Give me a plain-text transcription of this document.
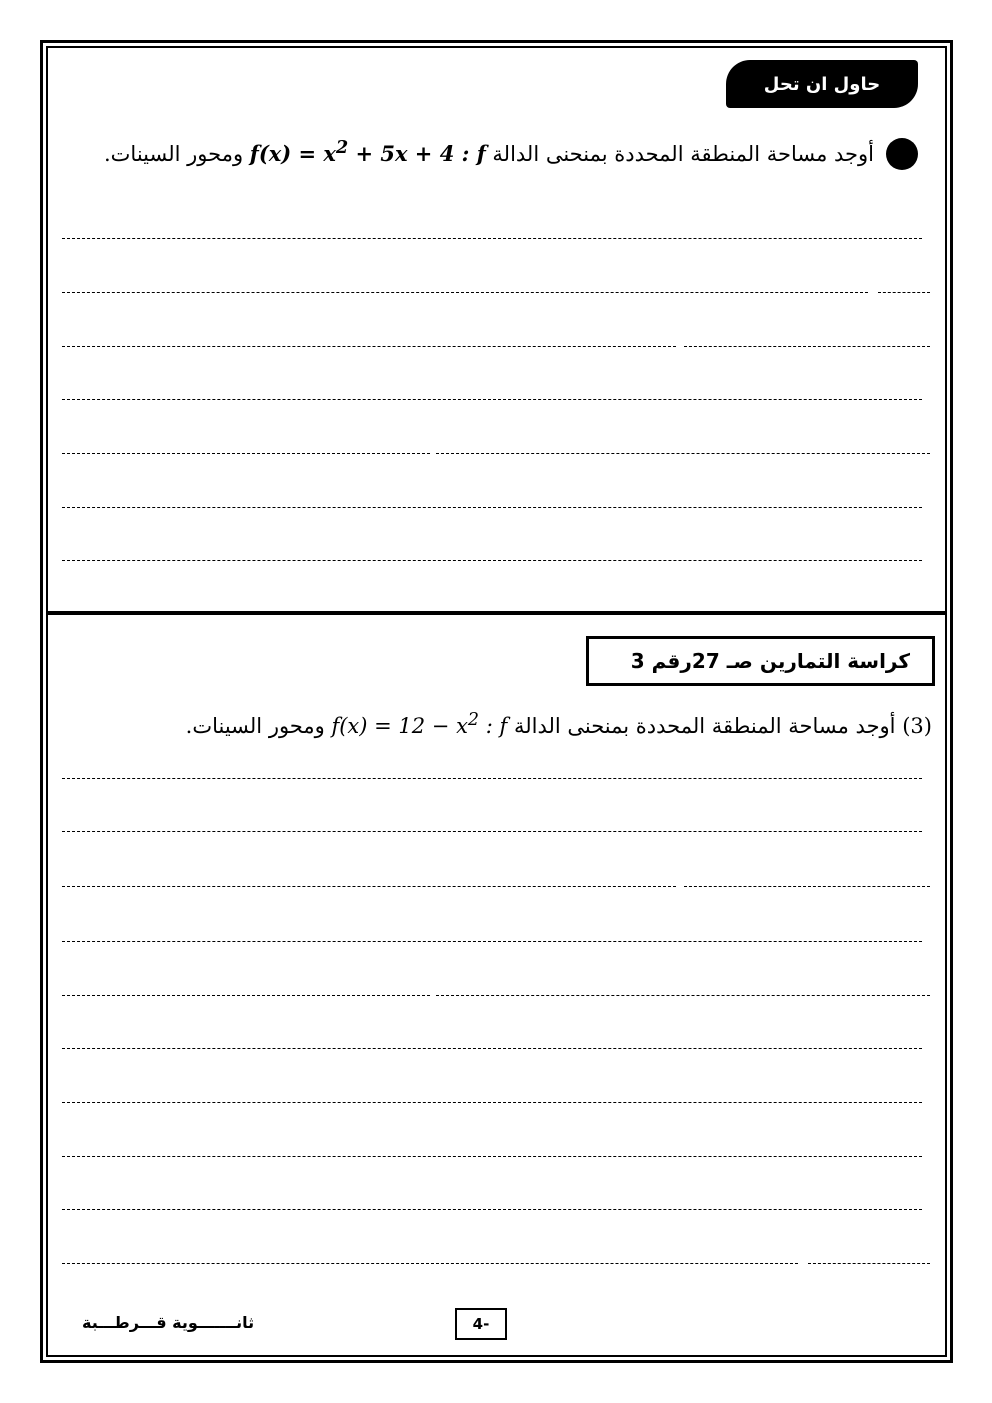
حاول ان تحل
أوجد مساحة المنطقة المحددة بمنحنى الدالة $f(x) = x^2 + 5x + 4$ : f ومحور السينات.
كراسة التمارين صـ 27رقم 3
(3) أوجد مساحة المنطقة المحددة بمنحنى الدالة $f(x) = 12 - x^2$ : f ومحور السينات.
ثانـــــــوية قـــرطـــبة	4-
